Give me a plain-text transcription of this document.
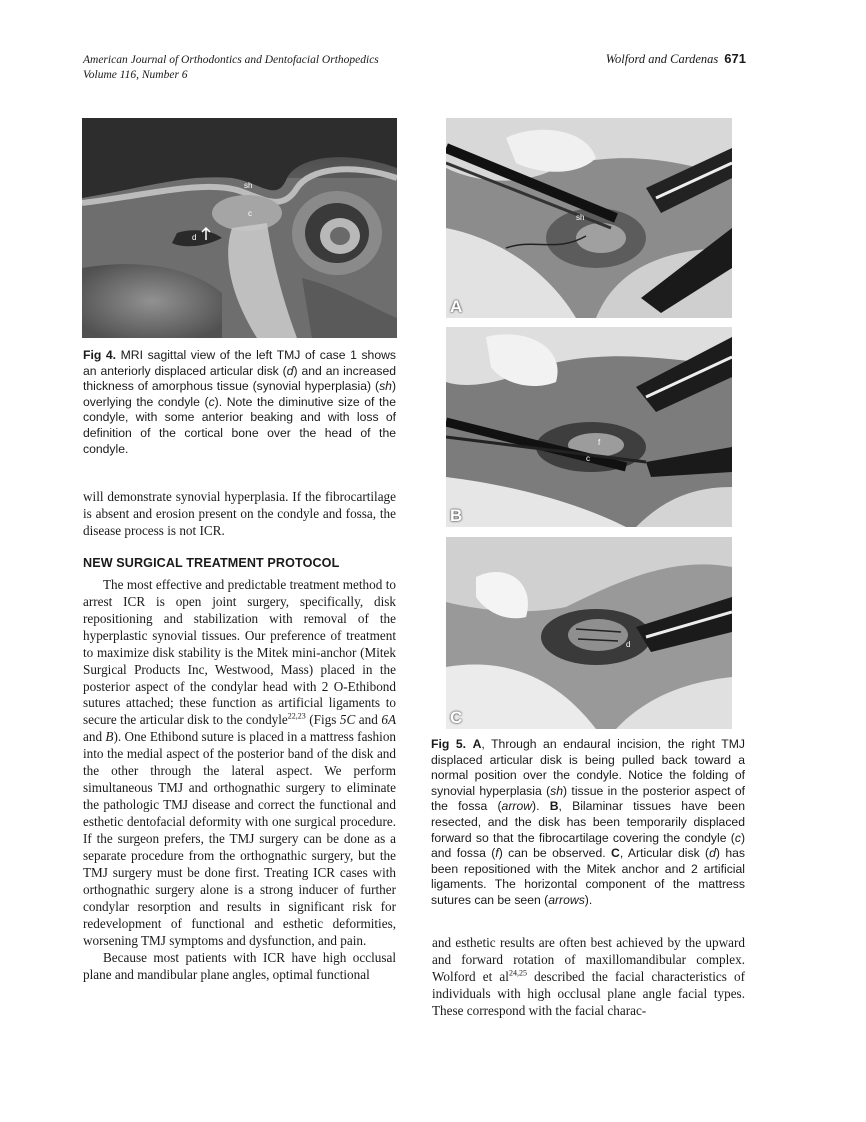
American Journal of Orthodontics and Dentofacial Orthopedics
Volume 116, Number 6
Wolford and Cardenas 671
sh
c
d
Fig 4. MRI sagittal view of the left TMJ of case 1 shows an anteriorly displaced articular disk (d) and an increased thickness of amorphous tissue (synovial hyperplasia) (sh) overlying the condyle (c). Note the diminutive size of the condyle, with some anterior beaking and with loss of definition of the cortical bone over the head of the condyle.

will demonstrate synovial hyperplasia. If the fibrocartilage is absent and erosion present on the condyle and fossa, the disease process is not ICR.

NEW SURGICAL TREATMENT PROTOCOL

The most effective and predictable treatment method to arrest ICR is open joint surgery, specifically, disk repositioning and stabilization with removal of the hyperplastic synovial tissues. Our preference of treatment to maximize disk stability is the Mitek mini-anchor (Mitek Surgical Products Inc, Westwood, Mass) placed in the posterior aspect of the condylar head with 2 O-Ethibond sutures attached; these function as artificial ligaments to secure the articular disk to the condyle$^{22,23}$ (Figs 5C and 6A and B). One Ethibond suture is placed in a mattress fashion into the medial aspect of the posterior band of the disk and the other through the lateral aspect. We perform simultaneous TMJ and orthognathic surgery to eliminate the pathologic TMJ disease and correct the functional and esthetic dentofacial deformity with one surgical procedure. If the surgeon prefers, the TMJ surgery can be done as a separate procedure from the orthognathic surgery, but the TMJ surgery must be done first. Treating ICR cases with orthognathic surgery alone is a strong inducer of further condylar resorption and results in significant risk for redevelopment of functional and esthetic deformities, worsening TMJ symptoms and dysfunction, and pain.

Because most patients with ICR have high occlusal plane and mandibular plane angles, optimal functional

sh
A
f
c
B
d
C
Fig 5. A, Through an endaural incision, the right TMJ displaced articular disk is being pulled back toward a normal position over the condyle. Notice the folding of synovial hyperplasia (sh) tissue in the posterior aspect of the fossa (arrow). B, Bilaminar tissues have been resected, and the disk has been temporarily displaced forward so that the fibrocartilage covering the condyle (c) and fossa (f) can be observed. C, Articular disk (d) has been repositioned with the Mitek anchor and 2 artificial ligaments. The horizontal component of the mattress sutures can be seen (arrows).

and esthetic results are often best achieved by the upward and forward rotation of maxillomandibular complex. Wolford et al$^{24,25}$ described the facial characteristics of individuals with high occlusal plane angle facial types. These correspond with the facial charac-
